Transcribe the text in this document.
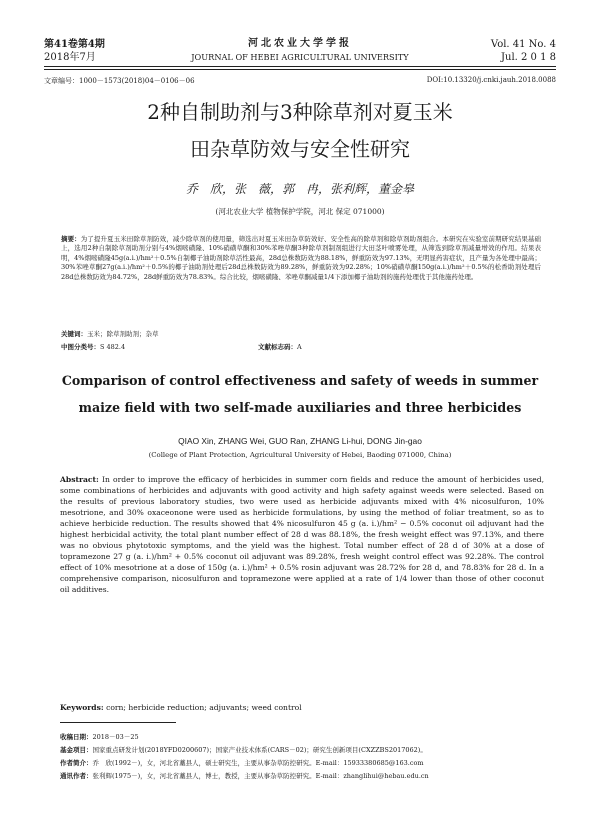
第41卷第4期
2018年7月
河北农业大学学报
JOURNAL OF HEBEI AGRICULTURAL UNIVERSITY
Vol. 41 No. 4
Jul. 2 0 1 8
文章编号：1000－1573(2018)04－0106－06	DOI:10.13320/j.cnki.jauh.2018.0088
2种自制助剂与3种除草剂对夏玉米
田杂草防效与安全性研究
乔　欣，张　薇，郭　冉，张利辉，董金皋
(河北农业大学 植物保护学院，河北 保定 071000)
摘要：为了提升夏玉米田除草剂防效，减少除草剂的使用量，筛选出对夏玉米田杂草防效好、安全性高的除草剂和除草剂助剂组合。本研究在实验室前期研究结果基础上，选用2种自制除草剂助剂分别与4%烟嘧磺隆、10%硝磺草酮和30%苯唑草酮3种除草剂制剂组进行大田茎叶喷雾处理，从筛选到除草剂减量增效的作用。结果表明，4%烟嘧磺隆45g(a.i.)/hm²＋0.5%自制椰子油助剂除草活性最高，28d总株数防效为88.18%，鲜重防效为97.13%，无明显药害症状，且产量为各处理中最高；30%苯唑草酮27g(a.i.)/hm²＋0.5%的椰子油助剂处理后28d总株数防效为89.28%，鲜重防效为92.28%；10%硝磺草酮150g(a.i.)/hm²＋0.5%的松香助剂处理后28d总株数防效为84.72%，28d鲜重防效为78.83%。综合比较，烟嘧磺隆、苯唑草酮减量1/4下添加椰子油助剂的施药处理优于其他施药处理。
关键词：玉米；除草剂助剂；杂草
中图分类号：S 482.4	文献标志码：A
Comparison of control effectiveness and safety of weeds in summer
maize field with two self-made auxiliaries and three herbicides
QIAO Xin, ZHANG Wei, GUO Ran, ZHANG Li-hui, DONG Jin-gao
(College of Plant Protection, Agricultural University of Hebei, Baoding 071000, China)
Abstract: In order to improve the efficacy of herbicides in summer corn fields and reduce the amount of herbicides used, some combinations of herbicides and adjuvants with good activity and high safety against weeds were selected. Based on the results of previous laboratory studies, two were used as herbicide adjuvants mixed with 4% nicosulfuron, 10% mesotrione, and 30% oxaceonone were used as herbicide formulations, by using the method of foliar treatment, so as to achieve herbicide reduction. The results showed that 4% nicosulfuron 45 g (a. i.)/hm² − 0.5% coconut oil adjuvant had the highest herbicidal activity, the total plant number effect of 28 d was 88.18%, the fresh weight effect was 97.13%, and there was no obvious phytotoxic symptoms, and the yield was the highest. Total number effect of 28 d of 30% at a dose of topramezone 27 g (a. i.)/hm² + 0.5% coconut oil adjuvant was 89.28%, fresh weight control effect was 92.28%. The control effect of 10% mesotrione at a dose of 150g (a. i.)/hm² + 0.5% rosin adjuvant was 28.72% for 28 d, and 78.83% for 28 d. In a comprehensive comparison, nicosulfuron and topramezone were applied at a rate of 1/4 lower than those of other coconut oil additives.
Keywords: corn; herbicide reduction; adjuvants; weed control
收稿日期：2018－03－25
基金项目：国家重点研发计划(2018YFD0200607)；国家产业技术体系(CARS－02)；研究生创新项目(CXZZBS2017062)。
作者简介：乔　欣(1992－)，女，河北省藁县人，硕士研究生，主要从事杂草防控研究。E-mail：15933380685@163.com
通讯作者：张利辉(1975－)，女，河北省藁县人，博士，教授，主要从事杂草防控研究。E-mail：zhanglihui@hebau.edu.cn
